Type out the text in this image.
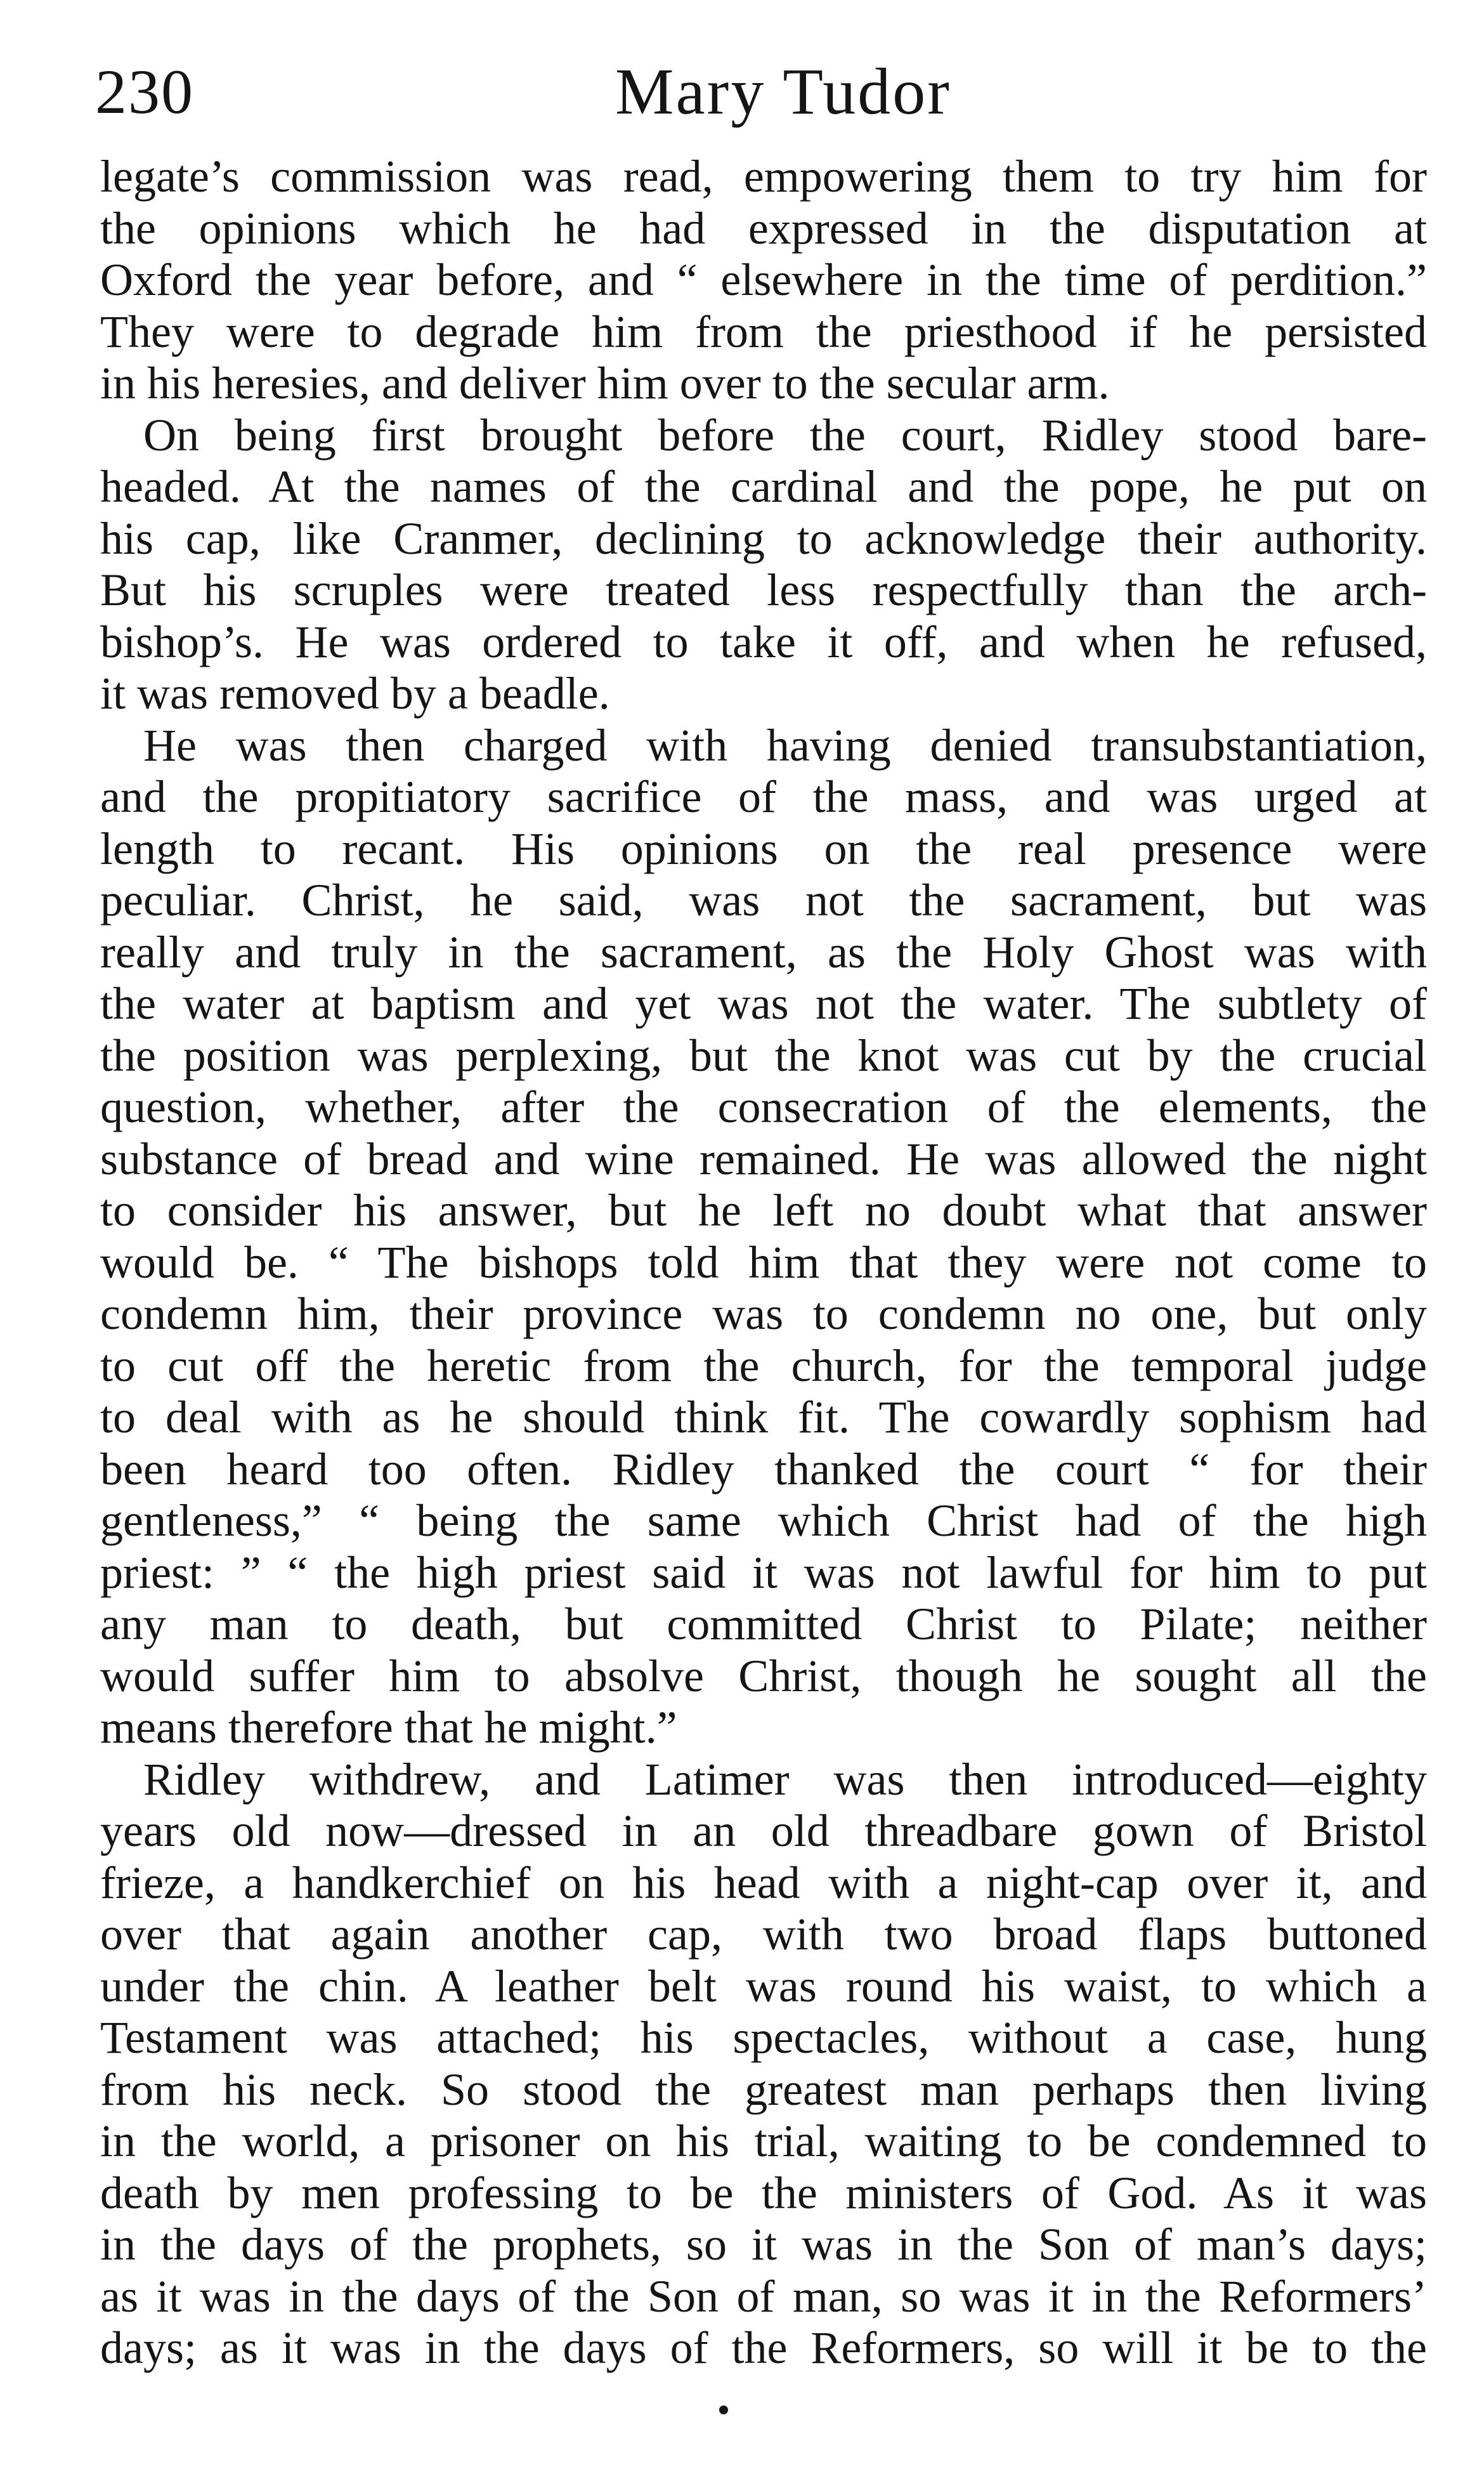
230	Mary Tudor
legate’s commission was read, empowering them to try him for
the opinions which he had expressed in the disputation at
Oxford the year before, and “ elsewhere in the time of perdition.”
They were to degrade him from the priesthood if he persisted
in his heresies, and deliver him over to the secular arm.
On being first brought before the court, Ridley stood bare-
headed. At the names of the cardinal and the pope, he put on
his cap, like Cranmer, declining to acknowledge their authority.
But his scruples were treated less respectfully than the arch-
bishop’s. He was ordered to take it off, and when he refused,
it was removed by a beadle.
He was then charged with having denied transubstantiation,
and the propitiatory sacrifice of the mass, and was urged at
length to recant. His opinions on the real presence were
peculiar. Christ, he said, was not the sacrament, but was
really and truly in the sacrament, as the Holy Ghost was with
the water at baptism and yet was not the water. The subtlety of
the position was perplexing, but the knot was cut by the crucial
question, whether, after the consecration of the elements, the
substance of bread and wine remained. He was allowed the night
to consider his answer, but he left no doubt what that answer
would be. “ The bishops told him that they were not come to
condemn him, their province was to condemn no one, but only
to cut off the heretic from the church, for the temporal judge
to deal with as he should think fit. The cowardly sophism had
been heard too often. Ridley thanked the court “ for their
gentleness,” “ being the same which Christ had of the high
priest: ” “ the high priest said it was not lawful for him to put
any man to death, but committed Christ to Pilate; neither
would suffer him to absolve Christ, though he sought all the
means therefore that he might.”
Ridley withdrew, and Latimer was then introduced—eighty
years old now—dressed in an old threadbare gown of Bristol
frieze, a handkerchief on his head with a night-cap over it, and
over that again another cap, with two broad flaps buttoned
under the chin. A leather belt was round his waist, to which a
Testament was attached; his spectacles, without a case, hung
from his neck. So stood the greatest man perhaps then living
in the world, a prisoner on his trial, waiting to be condemned to
death by men professing to be the ministers of God. As it was
in the days of the prophets, so it was in the Son of man’s days;
as it was in the days of the Son of man, so was it in the Reformers’
days; as it was in the days of the Reformers, so will it be to the
